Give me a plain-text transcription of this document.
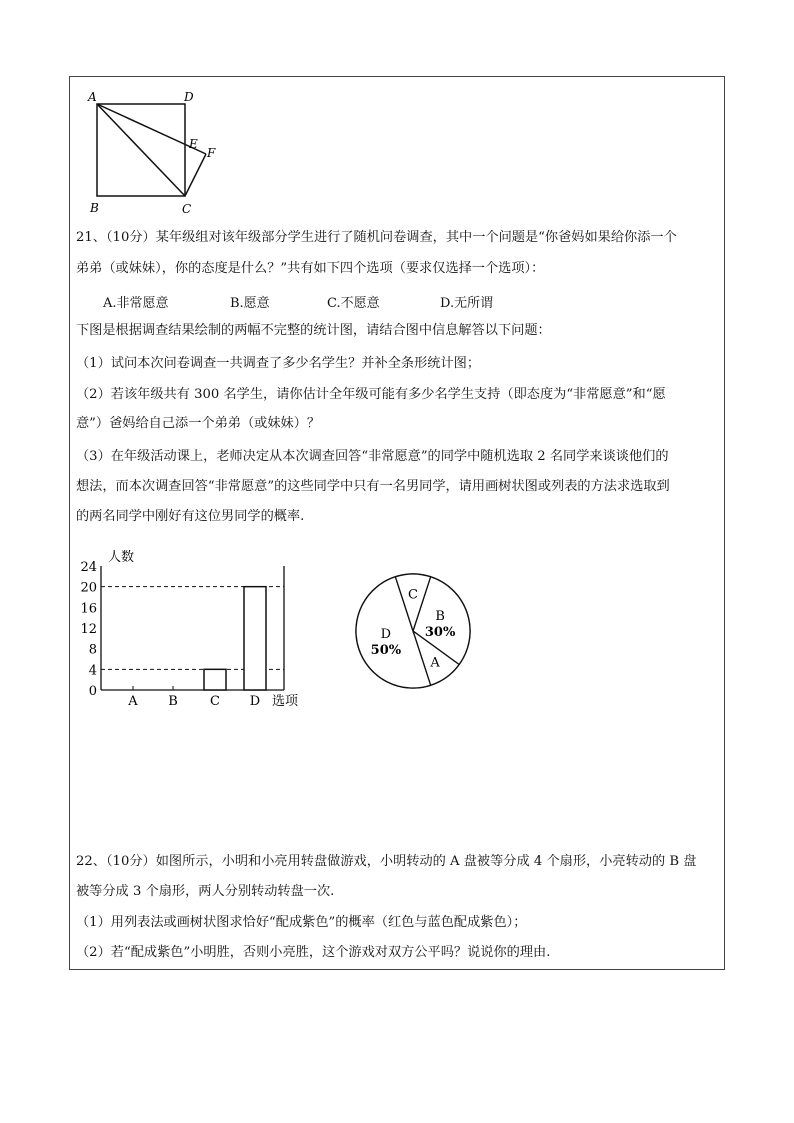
A	D
E
F
B	C
21、（10分）某年级组对该年级部分学生进行了随机问卷调查，其中一个问题是“你爸妈如果给你添一个
弟弟（或妹妹），你的态度是什么？”共有如下四个选项（要求仅选择一个选项）：
A.非常愿意	B.愿意	C.不愿意	D.无所谓
下图是根据调查结果绘制的两幅不完整的统计图，请结合图中信息解答以下问题：
（1）试问本次问卷调查一共调查了多少名学生？并补全条形统计图；
（2）若该年级共有 300 名学生，请你估计全年级可能有多少名学生支持（即态度为“非常愿意”和“愿
意”）爸妈给自己添一个弟弟（或妹妹）？
（3）在年级活动课上，老师决定从本次调查回答“非常愿意”的同学中随机选取 2 名同学来谈谈他们的
想法，而本次调查回答“非常愿意”的这些同学中只有一名男同学，请用画树状图或列表的方法求选取到
的两名同学中刚好有这位男同学的概率.
人数
选项
0
4
8
12
16
20
24
A B C D
B
30%
A
D
50%
C
22、（10分）如图所示，小明和小亮用转盘做游戏，小明转动的 A 盘被等分成 4 个扇形，小亮转动的 B 盘
被等分成 3 个扇形，两人分别转动转盘一次.
（1）用列表法或画树状图求恰好“配成紫色”的概率（红色与蓝色配成紫色）；
（2）若“配成紫色”小明胜，否则小亮胜，这个游戏对双方公平吗？说说你的理由.
